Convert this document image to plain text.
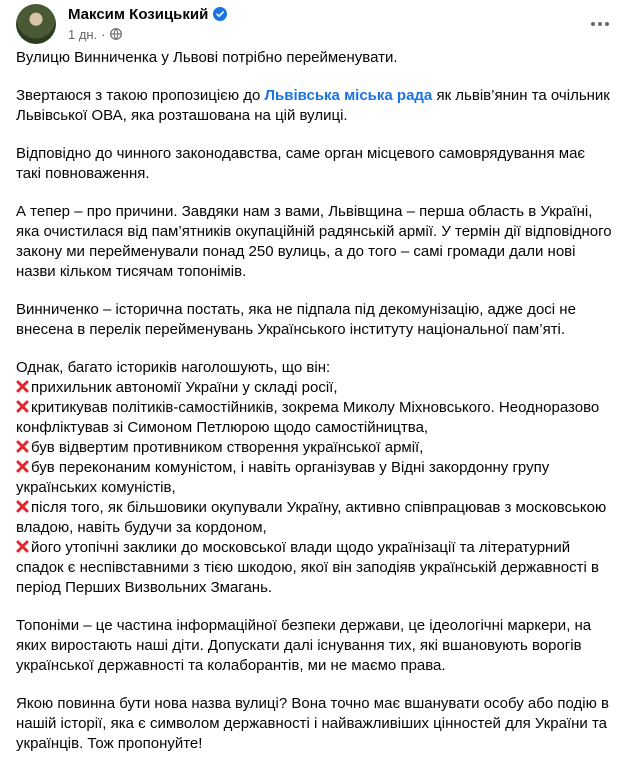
Максим Козицький
1 дн. ·

Вулицю Винниченка у Львові потрібно перейменувати.

Звертаюся з такою пропозицією до Львівська міська рада як львів’янин та очільник Львівської ОВА, яка розташована на цій вулиці.

Відповідно до чинного законодавства, саме орган місцевого самоврядування має такі повноваження.

А тепер – про причини. Завдяки нам з вами, Львівщина – перша область в Україні, яка очистилася від пам’ятників окупаційній радянській армії. У термін дії відповідного закону ми перейменували понад 250 вулиць, а до того – самі громади дали нові назви кільком тисячам топонімів.

Винниченко – історична постать, яка не підпала під декомунізацію, адже досі не внесена в перелік перейменувань Українського інституту національної пам’яті.

Однак, багато істориків наголошують, що він:
прихильник автономії України у складі росії,
критикував політиків-самостійників, зокрема Миколу Міхновського. Неодноразово конфліктував зі Симоном Петлюрою щодо самостійництва,
був відвертим противником створення української армії,
був переконаним комуністом, і навіть організував у Відні закордонну групу українських комуністів,
після того, як більшовики окупували Україну, активно співпрацював з московською владою, навіть будучи за кордоном,
його утопічні заклики до московської влади щодо українізації та літературний спадок є неспівставними з тією шкодою, якої він заподіяв українській державності в період Перших Визвольних Змагань.

Топоніми – це частина інформаційної безпеки держави, це ідеологічні маркери, на яких виростають наші діти. Допускати далі існування тих, які вшановують ворогів української державності та колаборантів, ми не маємо права.

Якою повинна бути нова назва вулиці? Вона точно має вшанувати особу або подію в нашій історії, яка є символом державності і найважливіших цінностей для України та українців. Тож пропонуйте!
